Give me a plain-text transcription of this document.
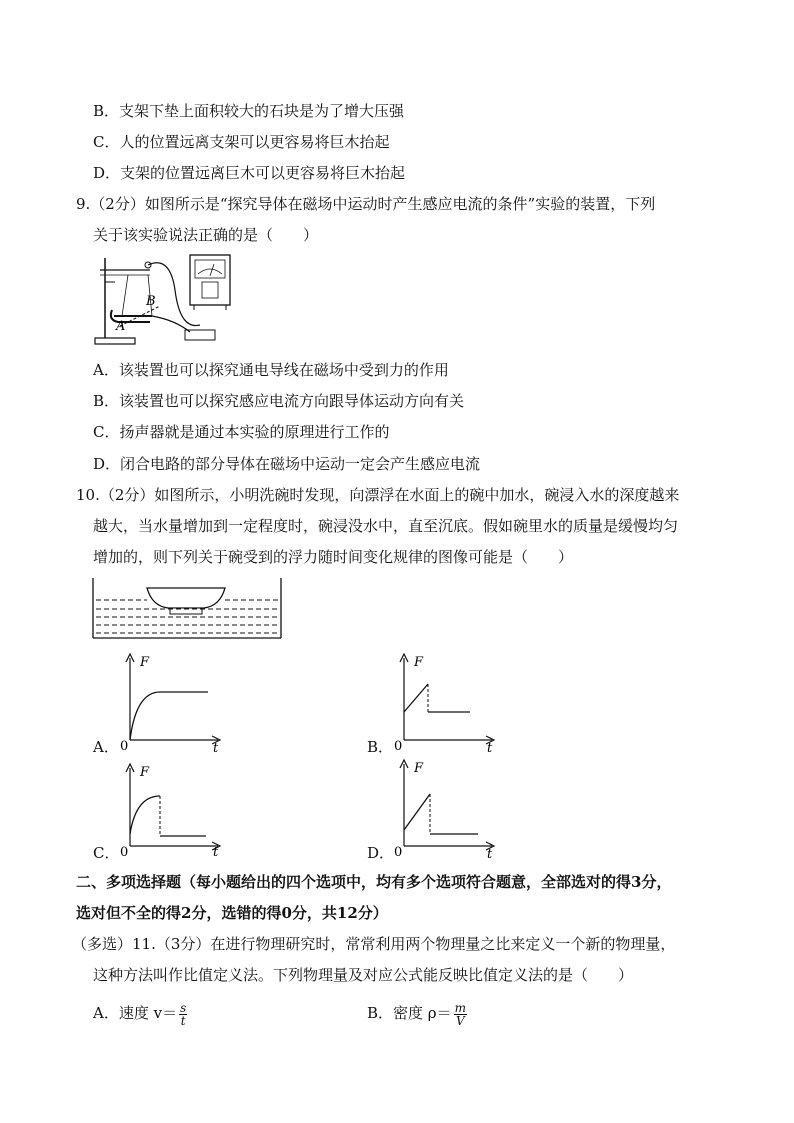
B．支架下垫上面积较大的石块是为了增大压强
C．人的位置远离支架可以更容易将巨木抬起
D．支架的位置远离巨木可以更容易将巨木抬起
9.（2分）如图所示是“探究导体在磁场中运动时产生感应电流的条件”实验的装置，下列
关于该实验说法正确的是（　　）
A
B
A．该装置也可以探究通电导线在磁场中受到力的作用
B．该装置也可以探究感应电流方向跟导体运动方向有关
C．扬声器就是通过本实验的原理进行工作的
D．闭合电路的部分导体在磁场中运动一定会产生感应电流
10.（2分）如图所示，小明洗碗时发现，向漂浮在水面上的碗中加水，碗浸入水的深度越来
越大，当水量增加到一定程度时，碗浸没水中，直至沉底。假如碗里水的质量是缓慢均匀
增加的，则下列关于碗受到的浮力随时间变化规律的图像可能是（　　）
A．
F
t
0	B．
F
t
0
C．
F
t
0	D．
F
t
0
二、多项选择题（每小题给出的四个选项中，均有多个选项符合题意，全部选对的得3分，
选对但不全的得2分，选错的得0分，共12分）
（多选）11.（3分）在进行物理研究时，常常利用两个物理量之比来定义一个新的物理量，
这种方法叫作比值定义法。下列物理量及对应公式能反映比值定义法的是（　　）
A．速度 $v= \frac{s}{t}$	B．密度 $\rho= \frac{m}{V}$
